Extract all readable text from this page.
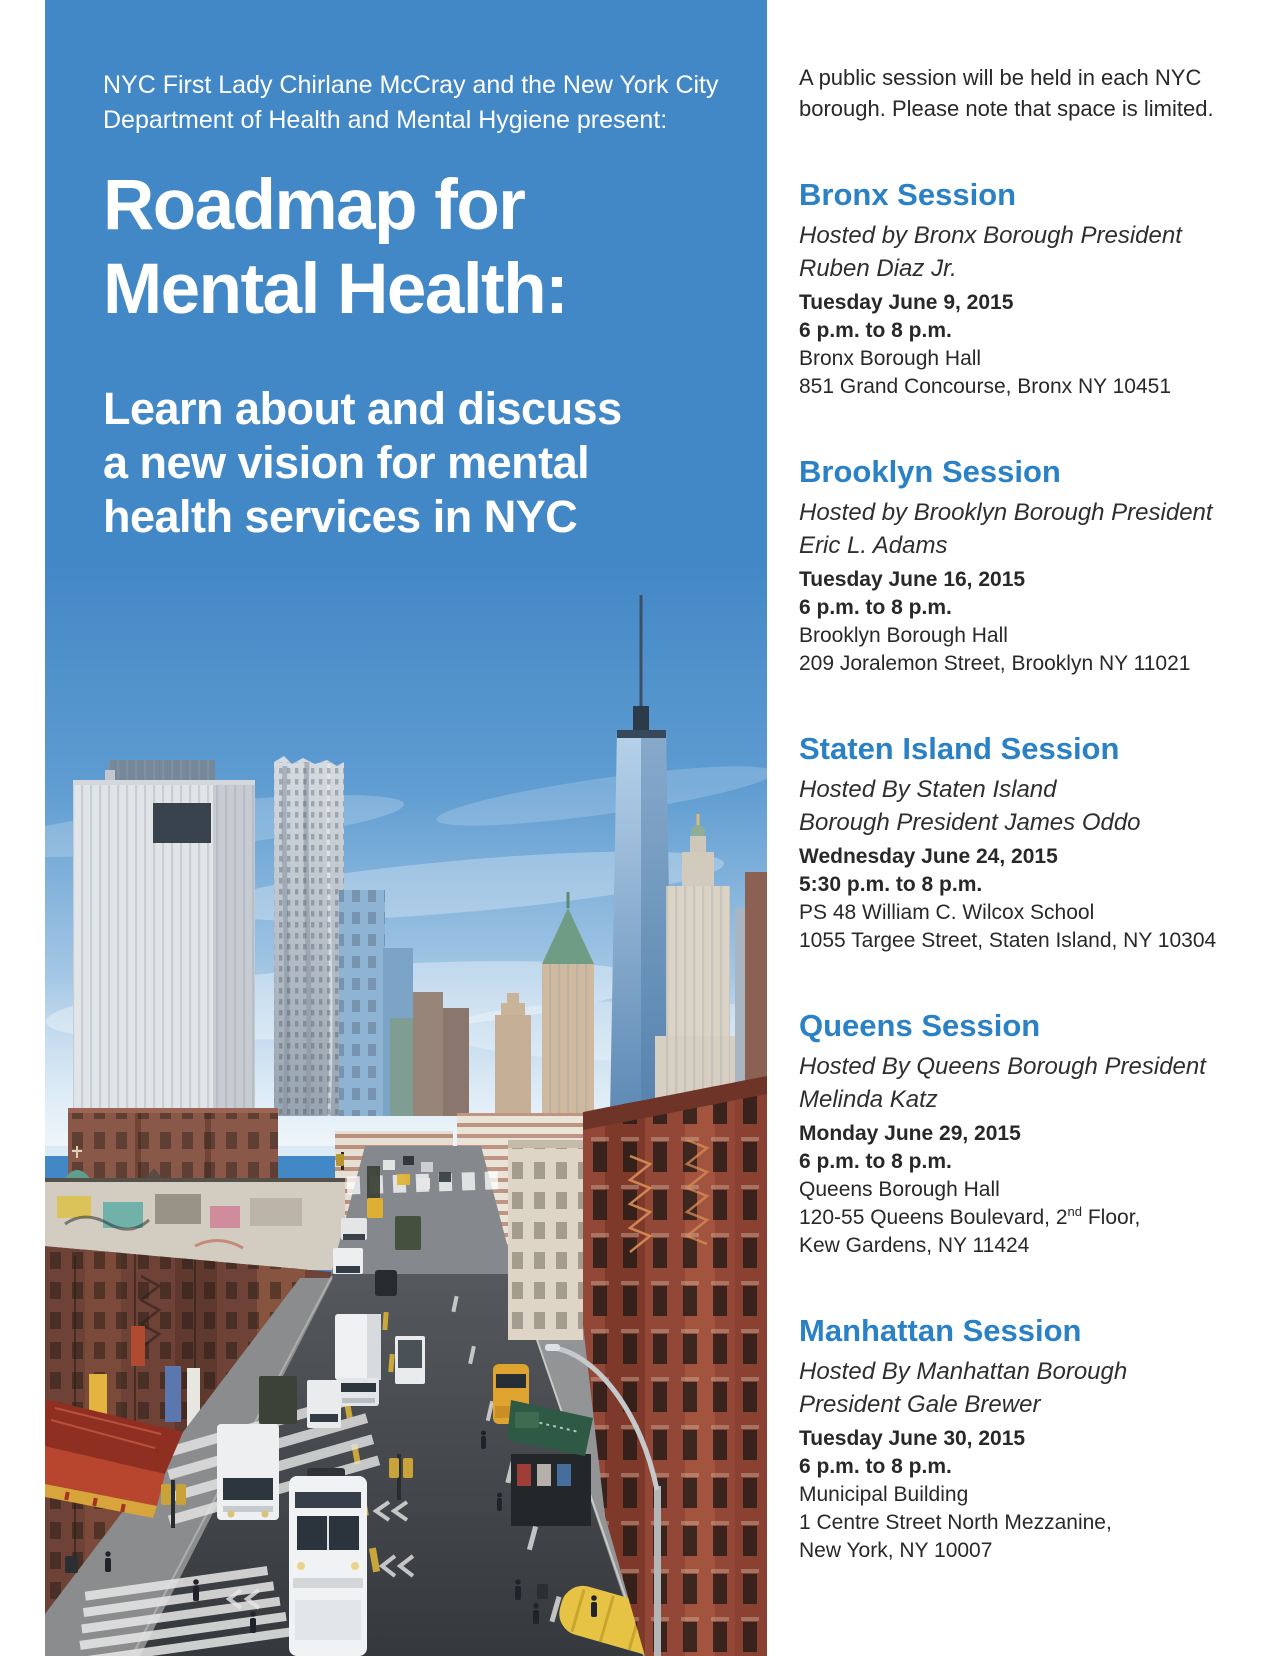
NYC First Lady Chirlane McCray and the New York City
Department of Health and Mental Hygiene present:
Roadmap for
Mental Health:
Learn about and discuss
a new vision for mental
health services in NYC
A public session will be held in each NYC
borough. Please note that space is limited.
Bronx Session
Hosted by Bronx Borough President
Ruben Diaz Jr.
Tuesday June 9, 2015
6 p.m. to 8 p.m.
Bronx Borough Hall
851 Grand Concourse, Bronx NY 10451
Brooklyn Session
Hosted by Brooklyn Borough President
Eric L. Adams
Tuesday June 16, 2015
6 p.m. to 8 p.m.
Brooklyn Borough Hall
209 Joralemon Street, Brooklyn NY 11021
Staten Island Session
Hosted By Staten Island
Borough President James Oddo
Wednesday June 24, 2015
5:30 p.m. to 8 p.m.
PS 48 William C. Wilcox School
1055 Targee Street, Staten Island, NY 10304
Queens Session
Hosted By Queens Borough President
Melinda Katz
Monday June 29, 2015
6 p.m. to 8 p.m.
Queens Borough Hall
120-55 Queens Boulevard, 2nd Floor,
Kew Gardens, NY 11424
Manhattan Session
Hosted By Manhattan Borough
President Gale Brewer
Tuesday June 30, 2015
6 p.m. to 8 p.m.
Municipal Building
1 Centre Street North Mezzanine,
New York, NY 10007
